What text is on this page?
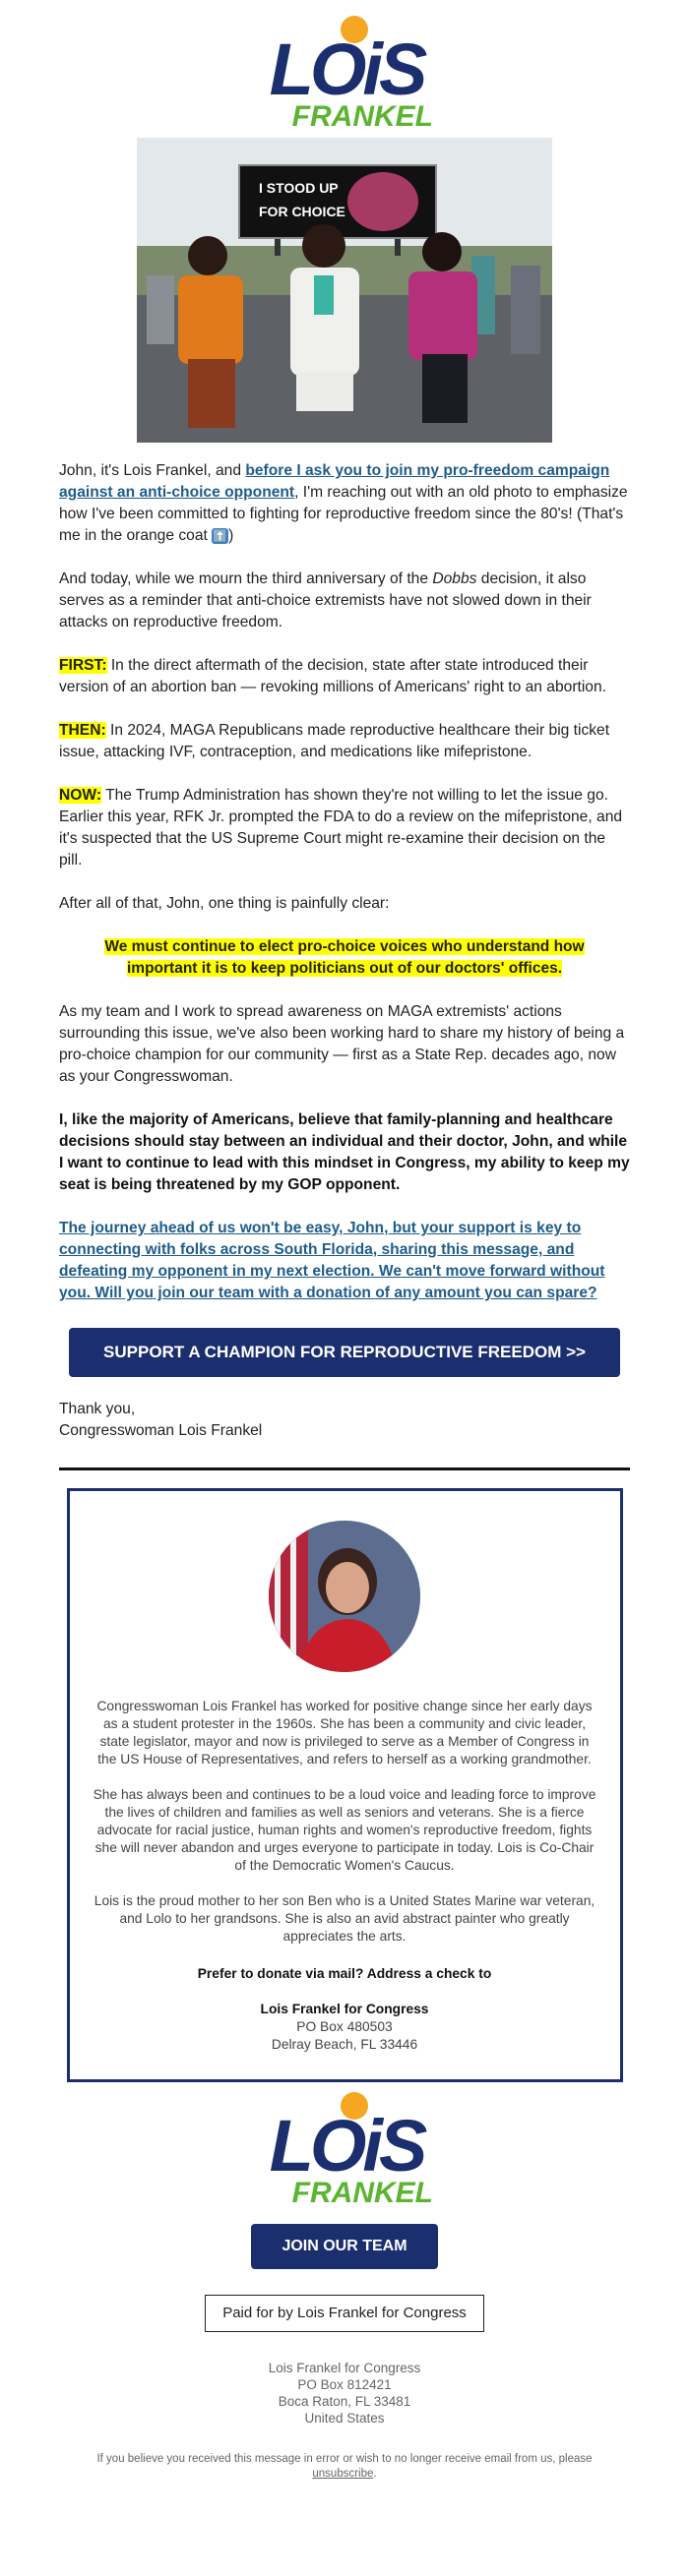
LOiS
FRANKEL
I STOOD UP
FOR CHOICE

John, it's Lois Frankel, and before I ask you to join my pro-freedom campaign against an anti-choice opponent, I'm reaching out with an old photo to emphasize how I've been committed to fighting for reproductive freedom since the 80's! (That's me in the orange coat ⬆️)

And today, while we mourn the third anniversary of the Dobbs decision, it also serves as a reminder that anti-choice extremists have not slowed down in their attacks on reproductive freedom.

FIRST: In the direct aftermath of the decision, state after state introduced their version of an abortion ban — revoking millions of Americans' right to an abortion.

THEN: In 2024, MAGA Republicans made reproductive healthcare their big ticket issue, attacking IVF, contraception, and medications like mifepristone.

NOW: The Trump Administration has shown they're not willing to let the issue go. Earlier this year, RFK Jr. prompted the FDA to do a review on the mifepristone, and it's suspected that the US Supreme Court might re-examine their decision on the pill.

After all of that, John, one thing is painfully clear:

We must continue to elect pro-choice voices who understand how important it is to keep politicians out of our doctors' offices.

As my team and I work to spread awareness on MAGA extremists' actions surrounding this issue, we've also been working hard to share my history of being a pro-choice champion for our community — first as a State Rep. decades ago, now as your Congresswoman.

I, like the majority of Americans, believe that family-planning and healthcare decisions should stay between an individual and their doctor, John, and while I want to continue to lead with this mindset in Congress, my ability to keep my seat is being threatened by my GOP opponent.

The journey ahead of us won't be easy, John, but your support is key to connecting with folks across South Florida, sharing this message, and defeating my opponent in my next election. We can't move forward without you. Will you join our team with a donation of any amount you can spare?

SUPPORT A CHAMPION FOR REPRODUCTIVE FREEDOM >>

Thank you,

Congresswoman Lois Frankel

Congresswoman Lois Frankel has worked for positive change since her early days as a student protester in the 1960s. She has been a community and civic leader, state legislator, mayor and now is privileged to serve as a Member of Congress in the US House of Representatives, and refers to herself as a working grandmother.

She has always been and continues to be a loud voice and leading force to improve the lives of children and families as well as seniors and veterans. She is a fierce advocate for racial justice, human rights and women's reproductive freedom, fights she will never abandon and urges everyone to participate in today. Lois is Co-Chair of the Democratic Women's Caucus.

Lois is the proud mother to her son Ben who is a United States Marine war veteran, and Lolo to her grandsons. She is also an avid abstract painter who greatly appreciates the arts.

Prefer to donate via mail? Address a check to

Lois Frankel for Congress

PO Box 480503

Delray Beach, FL 33446

LOiS
FRANKEL
JOIN OUR TEAM
Paid for by Lois Frankel for Congress

Lois Frankel for Congress

PO Box 812421

Boca Raton, FL 33481

United States

If you believe you received this message in error or wish to no longer receive email from us, please unsubscribe.
